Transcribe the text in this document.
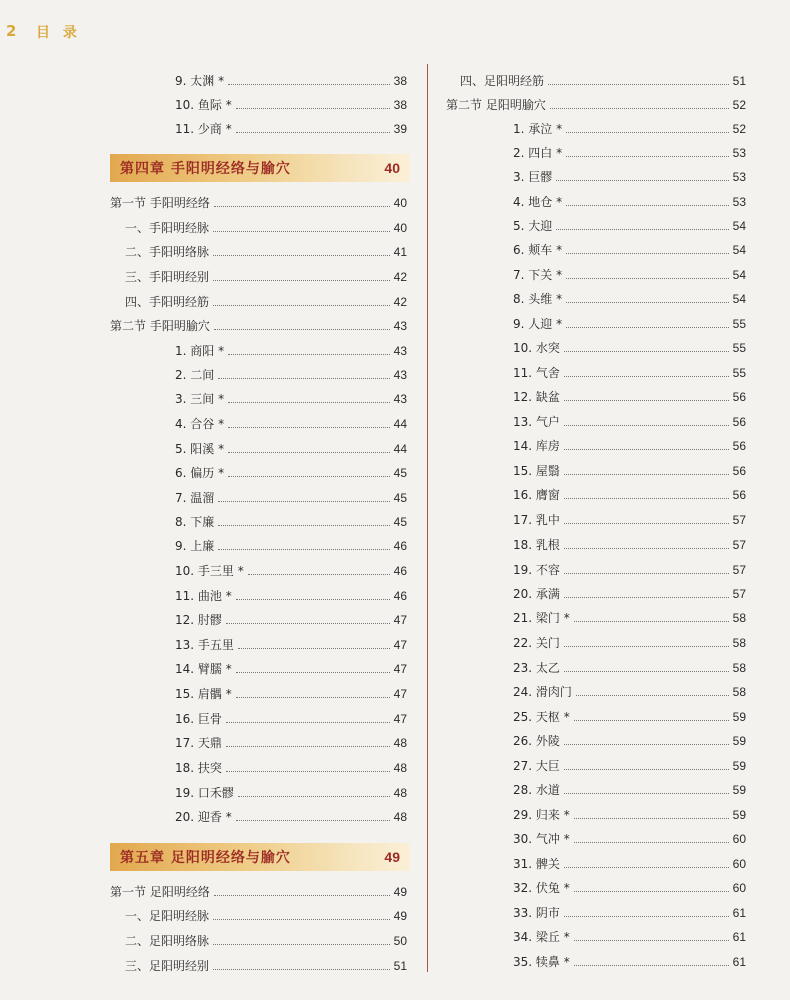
2 目 录
9. 太渊 *	38
10. 鱼际 *	38
11. 少商 *	39
第四章 手阳明经络与腧穴	40
第一节 手阳明经络	40
一、手阳明经脉	40
二、手阳明络脉	41
三、手阳明经别	42
四、手阳明经筋	42
第二节 手阳明腧穴	43
1. 商阳 *	43
2. 二间	43
3. 三间 *	43
4. 合谷 *	44
5. 阳溪 *	44
6. 偏历 *	45
7. 温溜	45
8. 下廉	45
9. 上廉	46
10. 手三里 *	46
11. 曲池 *	46
12. 肘髎	47
13. 手五里	47
14. 臂臑 *	47
15. 肩髃 *	47
16. 巨骨	47
17. 天鼎	48
18. 扶突	48
19. 口禾髎	48
20. 迎香 *	48
第五章 足阳明经络与腧穴	49
第一节 足阳明经络	49
一、足阳明经脉	49
二、足阳明络脉	50
三、足阳明经别	51
四、足阳明经筋	51
第二节 足阳明腧穴	52
1. 承泣 *	52
2. 四白 *	53
3. 巨髎	53
4. 地仓 *	53
5. 大迎	54
6. 颊车 *	54
7. 下关 *	54
8. 头维 *	54
9. 人迎 *	55
10. 水突	55
11. 气舍	55
12. 缺盆	56
13. 气户	56
14. 库房	56
15. 屋翳	56
16. 膺窗	56
17. 乳中	57
18. 乳根	57
19. 不容	57
20. 承满	57
21. 梁门 *	58
22. 关门	58
23. 太乙	58
24. 滑肉门	58
25. 天枢 *	59
26. 外陵	59
27. 大巨	59
28. 水道	59
29. 归来 *	59
30. 气冲 *	60
31. 髀关	60
32. 伏兔 *	60
33. 阴市	61
34. 梁丘 *	61
35. 犊鼻 *	61
